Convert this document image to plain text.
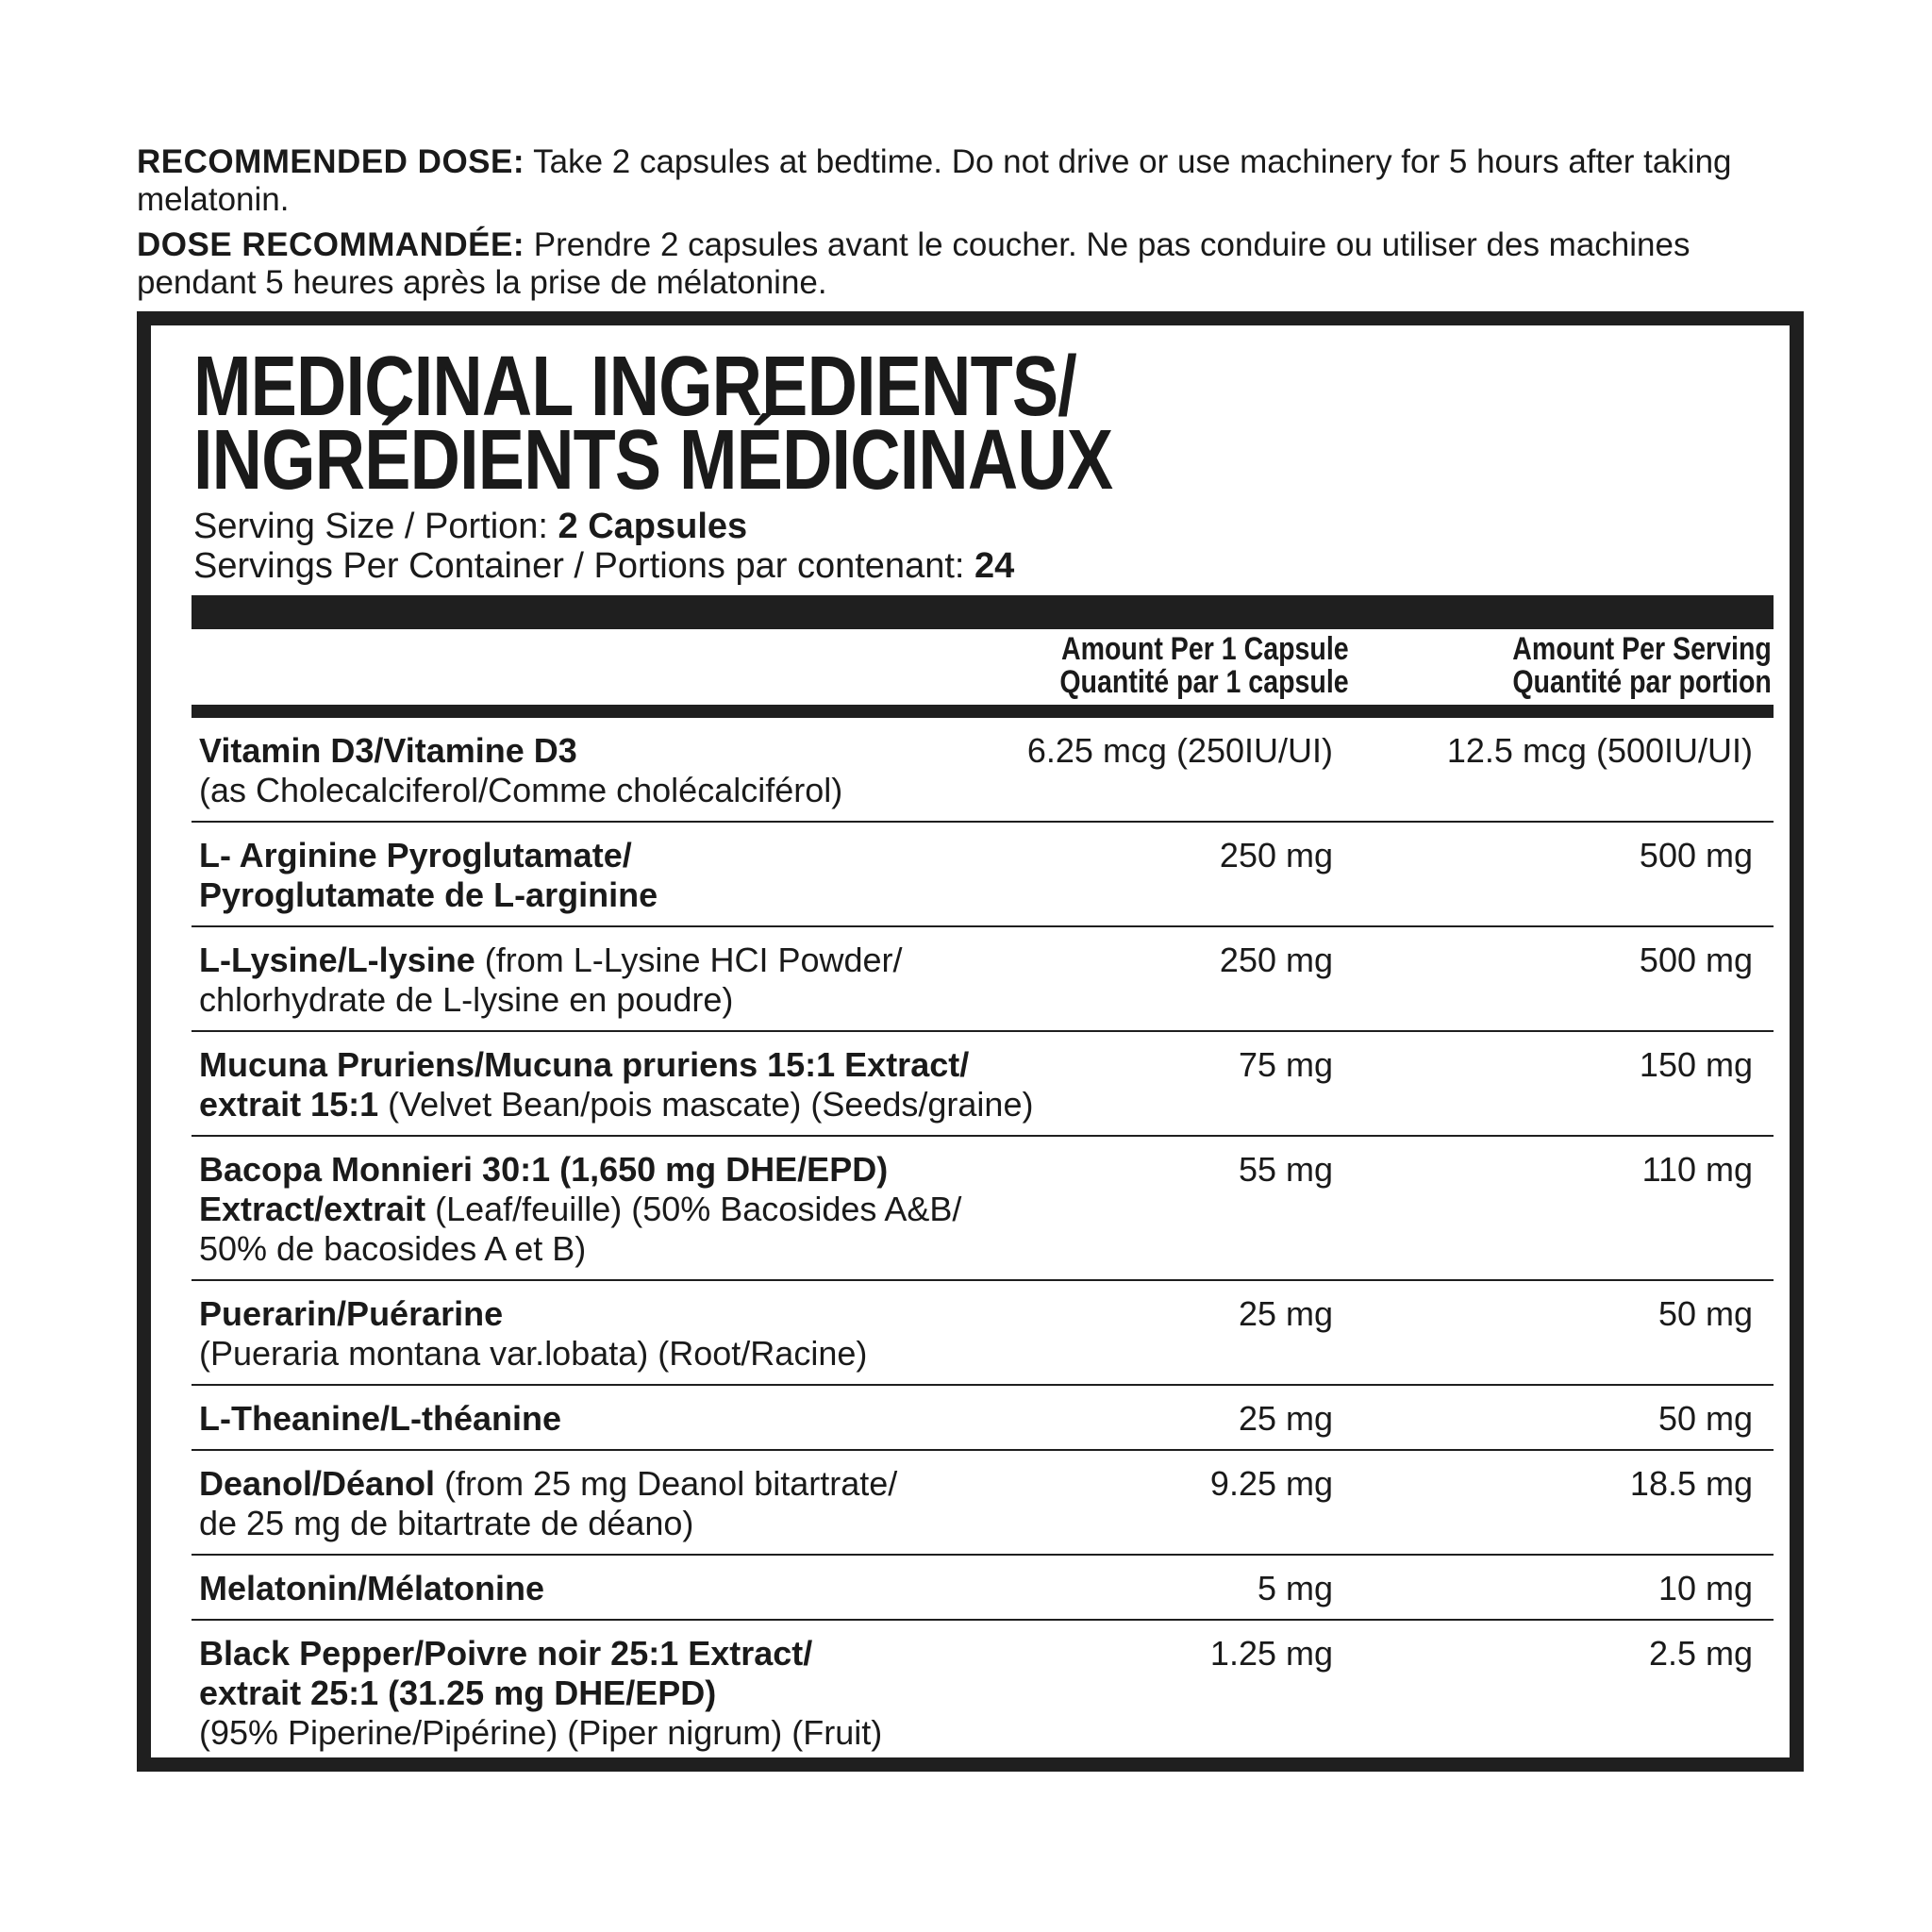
RECOMMENDED DOSE: Take 2 capsules at bedtime. Do not drive or use machinery for 5 hours after taking melatonin.
DOSE RECOMMANDÉE: Prendre 2 capsules avant le coucher. Ne pas conduire ou utiliser des machines pendant 5 heures après la prise de mélatonine.
MEDICINAL INGREDIENTS/
INGRÉDIENTS MÉDICINAUX
Serving Size / Portion: 2 Capsules
Servings Per Container / Portions par contenant: 24
Amount Per 1 Capsule
Quantité par 1 capsule
Amount Per Serving
Quantité par portion
Vitamin D3/Vitamine D3
(as Cholecalciferol/Comme cholécalciférol)
6.25 mcg (250IU/UI)	12.5 mcg (500IU/UI)
L- Arginine Pyroglutamate/
Pyroglutamate de L-arginine
250 mg	500 mg
L-Lysine/L-lysine (from L-Lysine HCI Powder/
chlorhydrate de L-lysine en poudre)
250 mg	500 mg
Mucuna Pruriens/Mucuna pruriens 15:1 Extract/
extrait 15:1 (Velvet Bean/pois mascate) (Seeds/graine)
75 mg	150 mg
Bacopa Monnieri 30:1 (1,650 mg DHE/EPD)
Extract/extrait (Leaf/feuille) (50% Bacosides A&B/
50% de bacosides A et B)
55 mg	110 mg
Puerarin/Puérarine
(Pueraria montana var.lobata) (Root/Racine)
25 mg	50 mg
L-Theanine/L-théanine	25 mg	50 mg
Deanol/Déanol (from 25 mg Deanol bitartrate/
de 25 mg de bitartrate de déano)
9.25 mg	18.5 mg
Melatonin/Mélatonine	5 mg	10 mg
Black Pepper/Poivre noir 25:1 Extract/
extrait 25:1 (31.25 mg DHE/EPD)
(95% Piperine/Pipérine) (Piper nigrum) (Fruit)
1.25 mg	2.5 mg
